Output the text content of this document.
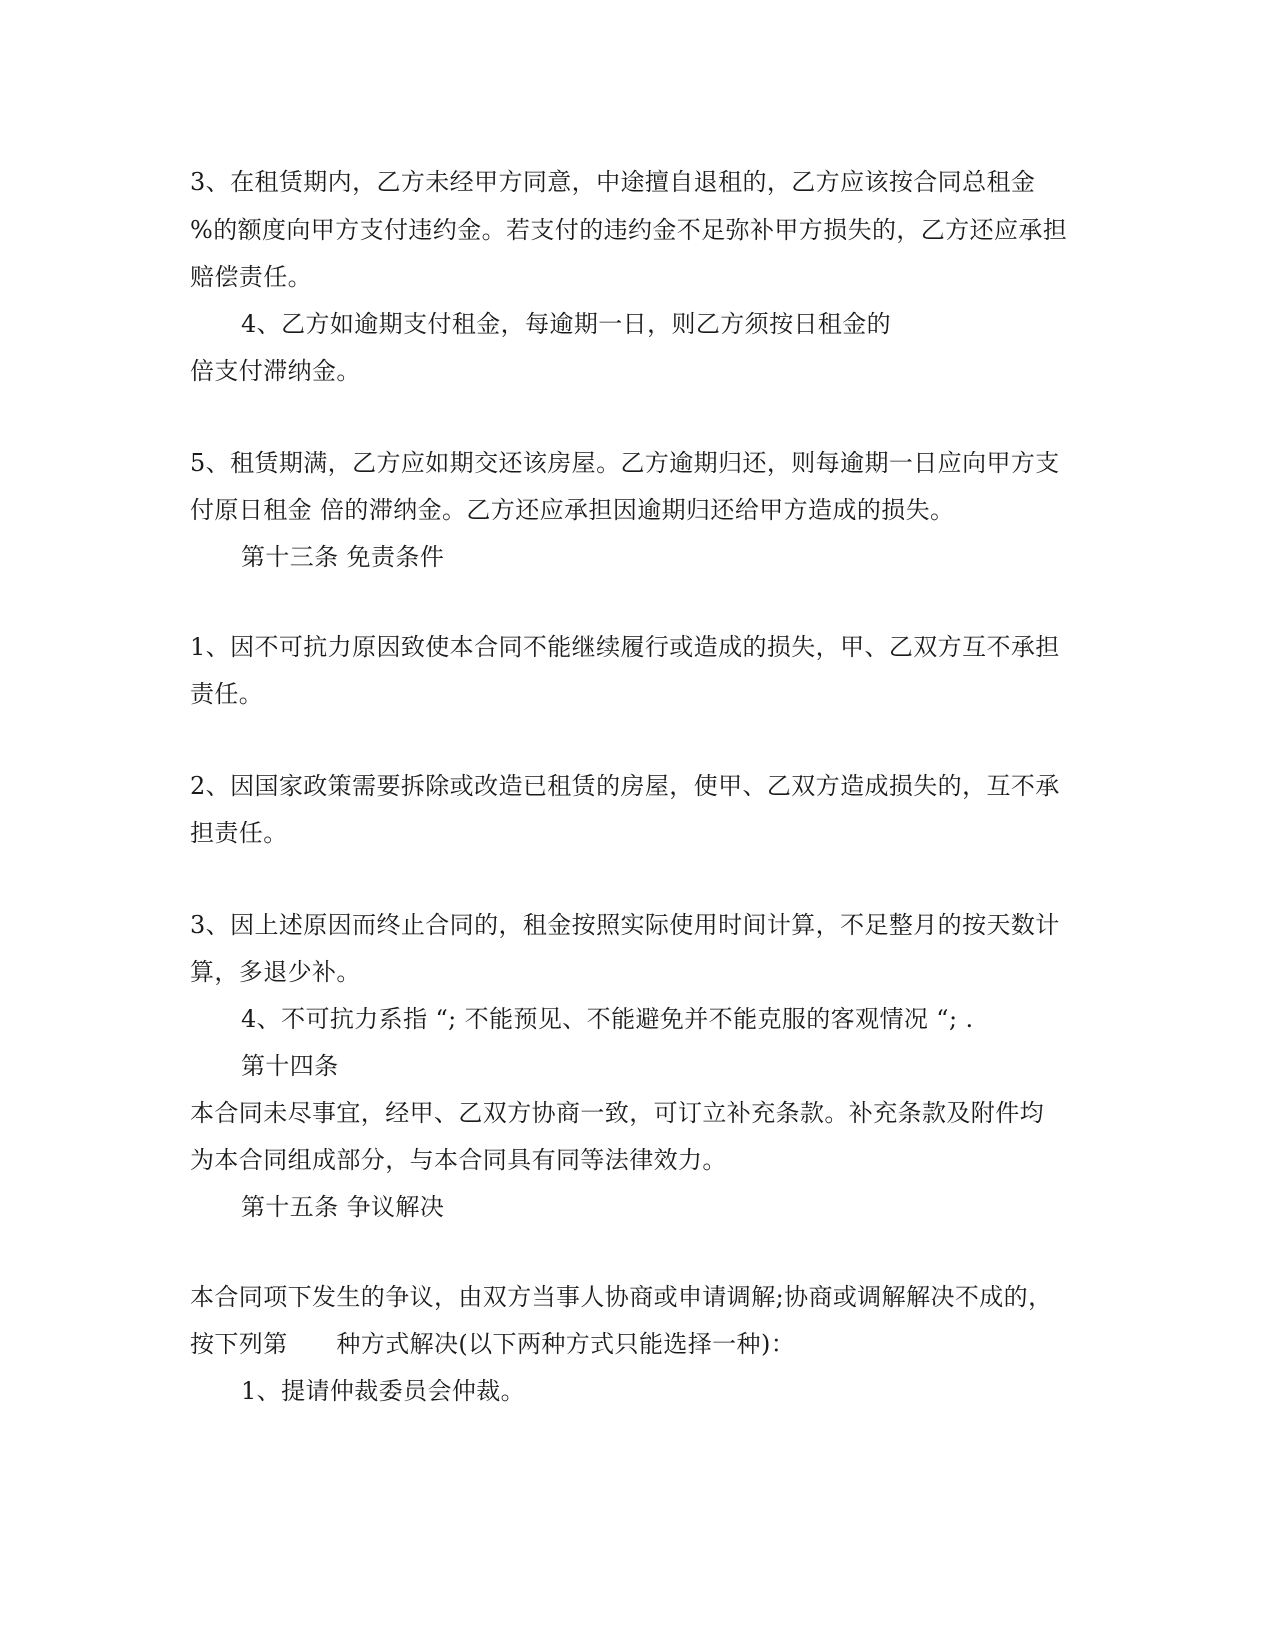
3、在租赁期内，乙方未经甲方同意，中途擅自退租的，乙方应该按合同总租金
%的额度向甲方支付违约金。若支付的违约金不足弥补甲方损失的，乙方还应承担
赔偿责任。
4、乙方如逾期支付租金，每逾期一日，则乙方须按日租金的
倍支付滞纳金。
5、租赁期满，乙方应如期交还该房屋。乙方逾期归还，则每逾期一日应向甲方支
付原日租金 倍的滞纳金。乙方还应承担因逾期归还给甲方造成的损失。
第十三条 免责条件
1、因不可抗力原因致使本合同不能继续履行或造成的损失，甲、乙双方互不承担
责任。
2、因国家政策需要拆除或改造已租赁的房屋，使甲、乙双方造成损失的，互不承
担责任。
3、因上述原因而终止合同的，租金按照实际使用时间计算，不足整月的按天数计
算，多退少补。
4、不可抗力系指 “; 不能预见、不能避免并不能克服的客观情况 “; .
第十四条
本合同未尽事宜，经甲、乙双方协商一致，可订立补充条款。补充条款及附件均
为本合同组成部分，与本合同具有同等法律效力。
第十五条 争议解决
本合同项下发生的争议，由双方当事人协商或申请调解;协商或调解解决不成的，
按下列第　　种方式解决(以下两种方式只能选择一种)：
1、提请仲裁委员会仲裁。
